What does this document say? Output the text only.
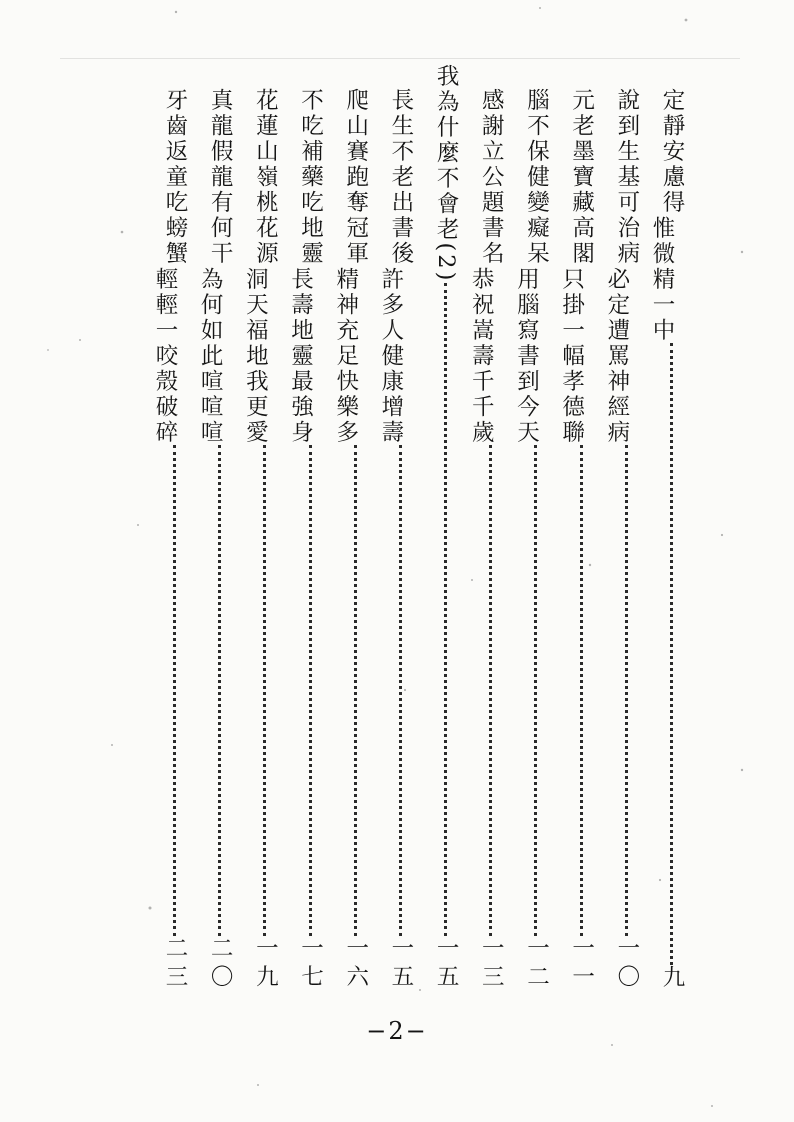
定靜安慮得
惟微精一中
九
說到生基可治病
必定遭罵神經病
一〇
元老墨寶藏高閣
只掛一幅孝德聯
一一
腦不保健變癡呆
用腦寫書到今天
一二
感謝立公題書名
恭祝嵩壽千千歲
一三
我為什麼不會老(2)
一五
長生不老出書後
許多人健康增壽
一五
爬山賽跑奪冠軍
精神充足快樂多
一六
不吃補藥吃地靈
長壽地靈最強身
一七
花蓮山嶺桃花源
洞天福地我更愛
一九
真龍假龍有何干
為何如此喧喧喧
二〇
牙齒返童吃螃蟹
輕輕一咬殼破碎
二三
−2−
